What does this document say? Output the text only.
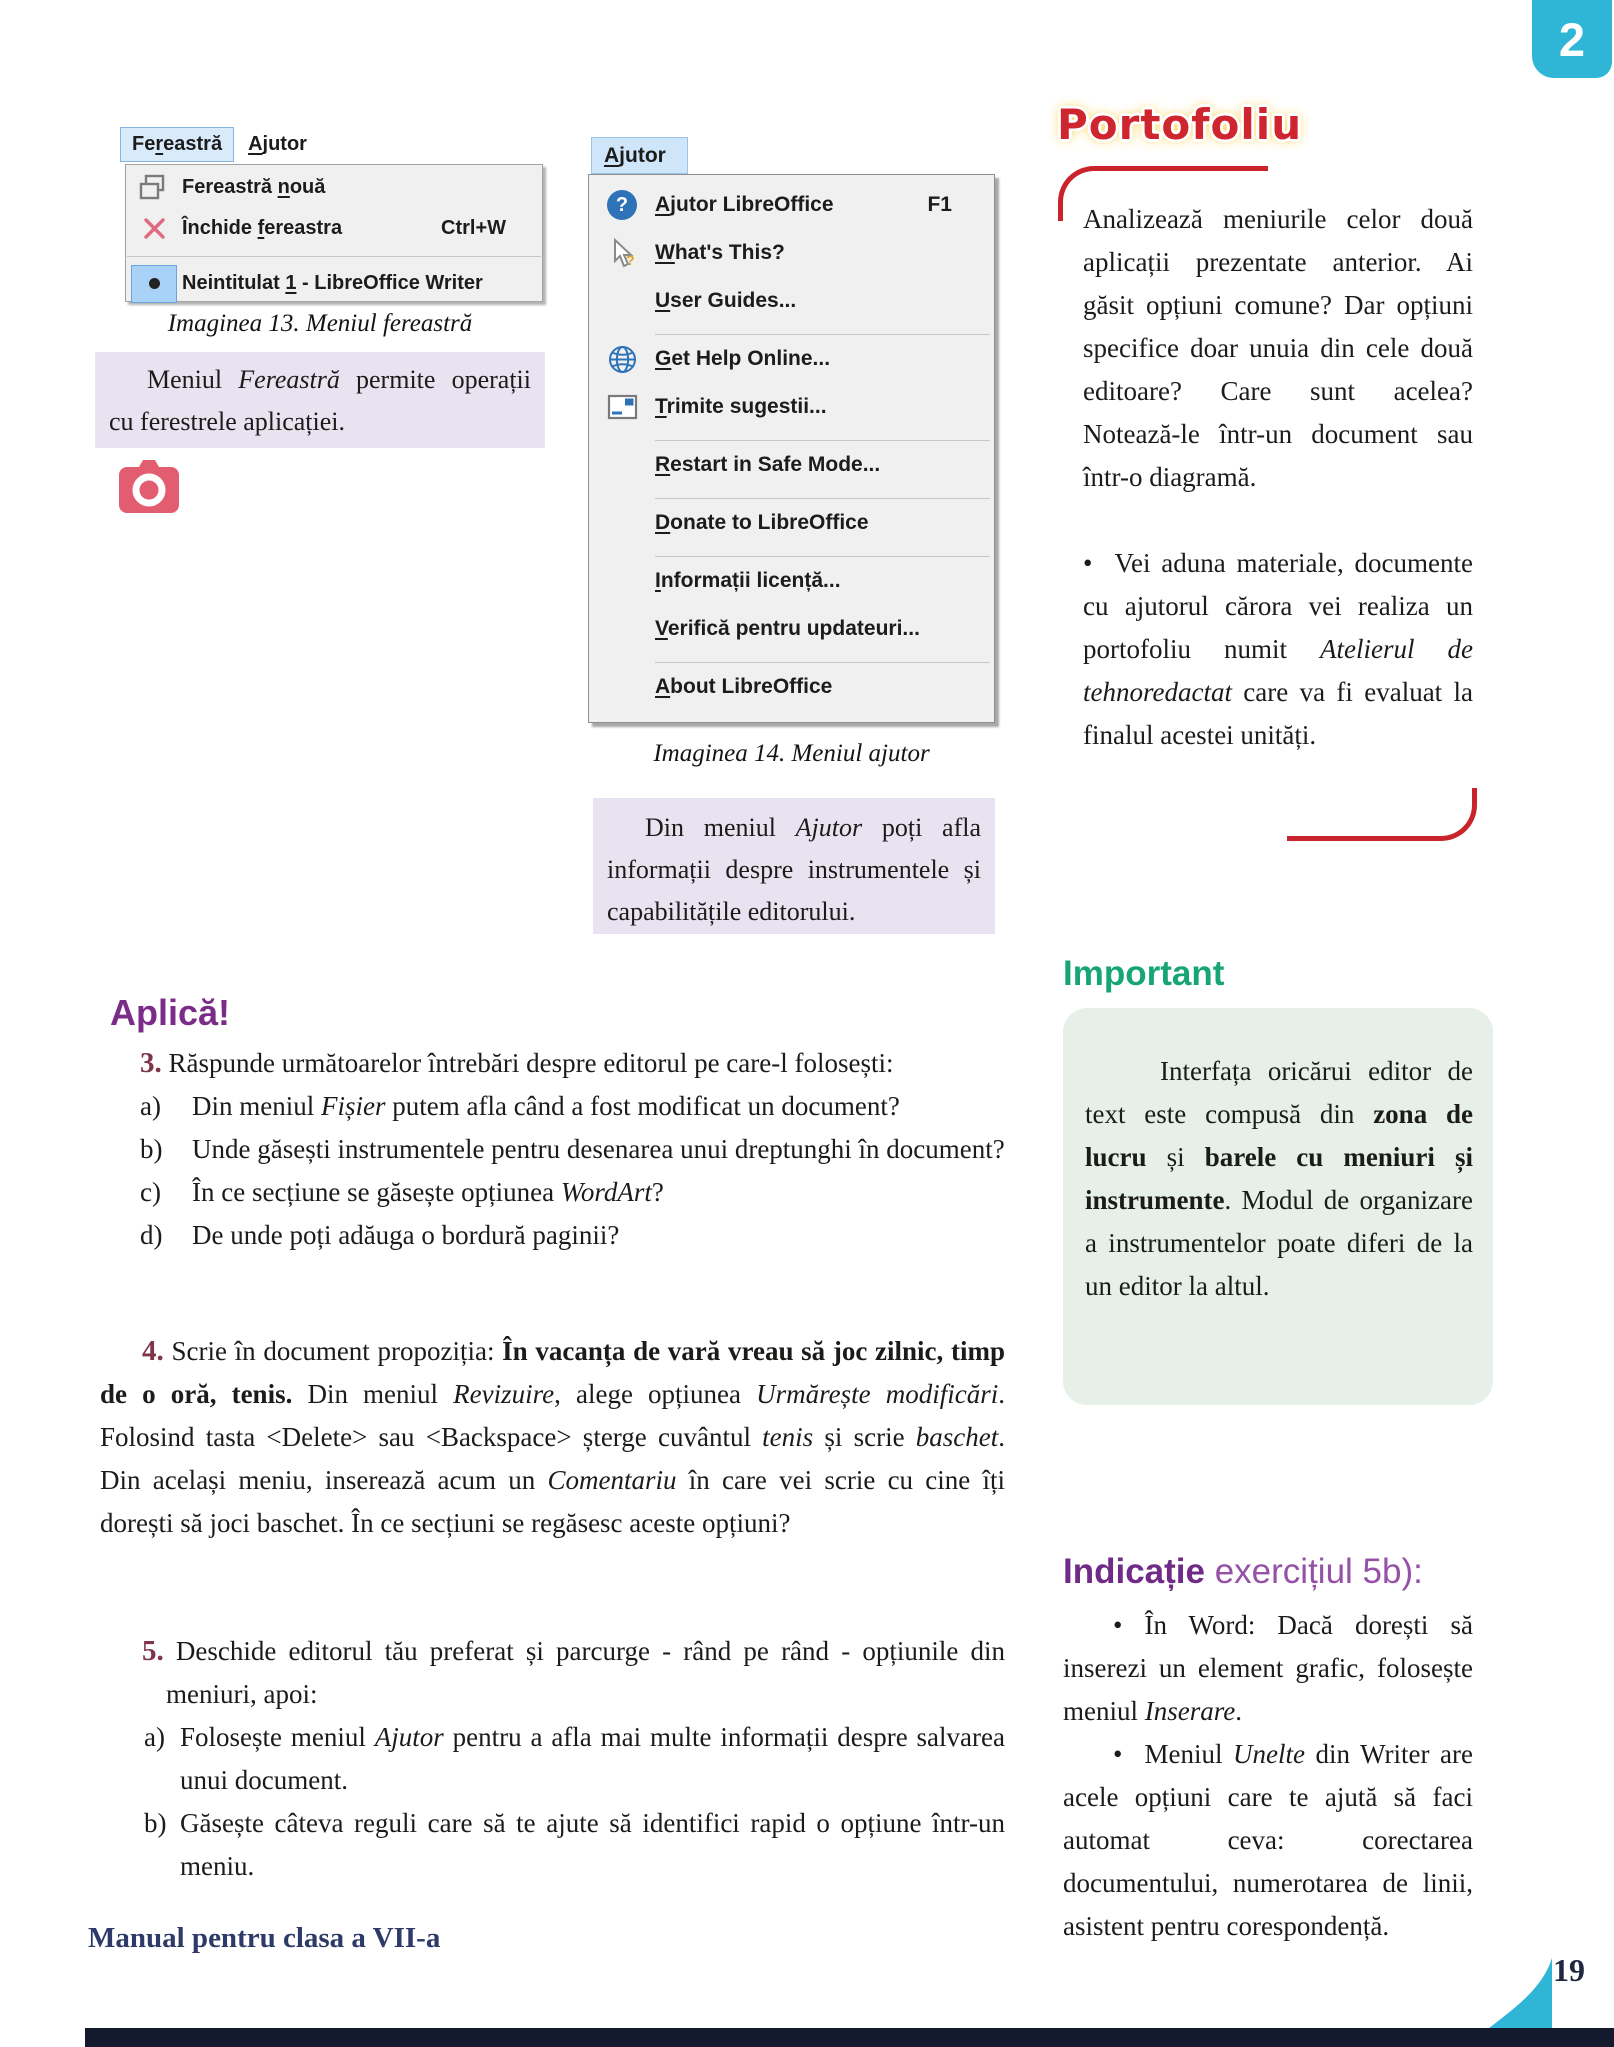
2
Fereastră	Ajutor
Fereastră nouă
Închide fereastra	Ctrl+W
Neintitulat 1 - LibreOffice Writer
Imaginea 13. Meniul fereastră

Meniul Fereastră permite operații cu ferestrele aplicației.

A jutor
?	Ajutor LibreOffice	F1
? What's This?
User Guides...
Get Help Online...
Trimite sugestii...
Restart in Safe Mode...
Donate to LibreOffice
Informații licență...
Verifică pentru updateuri...
About LibreOffice
Imaginea 14. Meniul ajutor

Din meniul Ajutor poți afla informații despre instrumentele și capabilitățile editorului.

Portofoliu
Analizează meniurile celor două aplicații prezentate anterior. Ai găsit opțiuni comune? Dar opțiuni specifice doar unuia din cele două editoare? Care sunt acelea? Notează-le într-un document sau într-o diagramă.
• Vei aduna materiale, documente cu ajutorul cărora vei realiza un portofoliu numit Atelierul de tehnoredactat care va fi evaluat la finalul acestei unități.
Important

Interfața oricărui editor de text este compusă din zona de lucru și barele cu meniuri și instrumente. Modul de organizare a instrumentelor poate diferi de la un editor la altul.

Indicație exercițiul 5b):
• În Word: Dacă dorești să inserezi un element grafic, folosește meniul Inserare.
• Meniul Unelte din Writer are acele opțiuni care te ajută să faci automat ceva: corectarea documentului, numerotarea de linii, asistent pentru corespondență.
Aplică!

3. Răspunde următoarelor întrebări despre editorul pe care-l folosești:

a) Din meniul Fișier putem afla când a fost modificat un document?
b) Unde găsești instrumentele pentru desenarea unui dreptunghi în document?
c) În ce secțiune se găsește opțiunea WordArt?
d) De unde poți adăuga o bordură paginii?

4. Scrie în document propoziția: În vacanța de vară vreau să joc zilnic, timp de o oră, tenis. Din meniul Revizuire, alege opțiunea Urmărește modificări. Folosind tasta <Delete> sau <Backspace> șterge cuvântul tenis și scrie baschet. Din același meniu, inserează acum un Comentariu în care vei scrie cu cine îți dorești să joci baschet. În ce secțiuni se regăsesc aceste opțiuni?

5. Deschide editorul tău preferat și parcurge - rând pe rând - opțiunile din meniuri, apoi:

a) Folosește meniul Ajutor pentru a afla mai multe informații despre salvarea unui document.
b) Găsește câteva reguli care să te ajute să identifici rapid o opțiune într-un meniu.
Manual pentru clasa a VII-a
19
